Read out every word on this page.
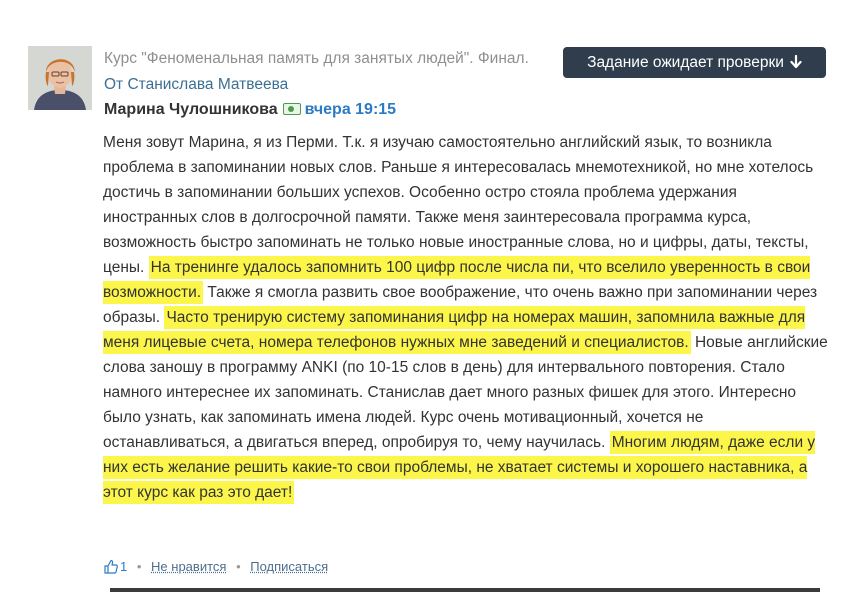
Курс "Феноменальная память для занятых людей". Финал.	Задание ожидает проверки
От Станислава Матвеева
Марина Чулошникова вчера 19:15
Меня зовут Марина, я из Перми. Т.к. я изучаю самостоятельно английский язык, то возникла проблема в запоминании новых слов. Раньше я интересовалась мнемотехникой, но мне хотелось достичь в запоминании больших успехов. Особенно остро стояла проблема удержания иностранных слов в долгосрочной памяти. Также меня заинтересовала программа курса, возможность быстро запоминать не только новые иностранные слова, но и цифры, даты, тексты, цены. На тренинге удалось запомнить 100 цифр после числа пи, что вселило уверенность в свои возможности. Также я смогла развить свое воображение, что очень важно при запоминании через образы. Часто тренирую систему запоминания цифр на номерах машин, запомнила важные для меня лицевые счета, номера телефонов нужных мне заведений и специалистов. Новые английские слова заношу в программу ANKI (по 10-15 слов в день) для интервального повторения. Стало намного интереснее их запоминать. Станислав дает много разных фишек для этого. Интересно было узнать, как запоминать имена людей. Курс очень мотивационный, хочется не останавливаться, а двигаться вперед, опробируя то, чему научилась. Многим людям, даже если у них есть желание решить какие-то свои проблемы, не хватает системы и хорошего наставника, а этот курс как раз это дает!
1 • Не нравится • Подписаться
